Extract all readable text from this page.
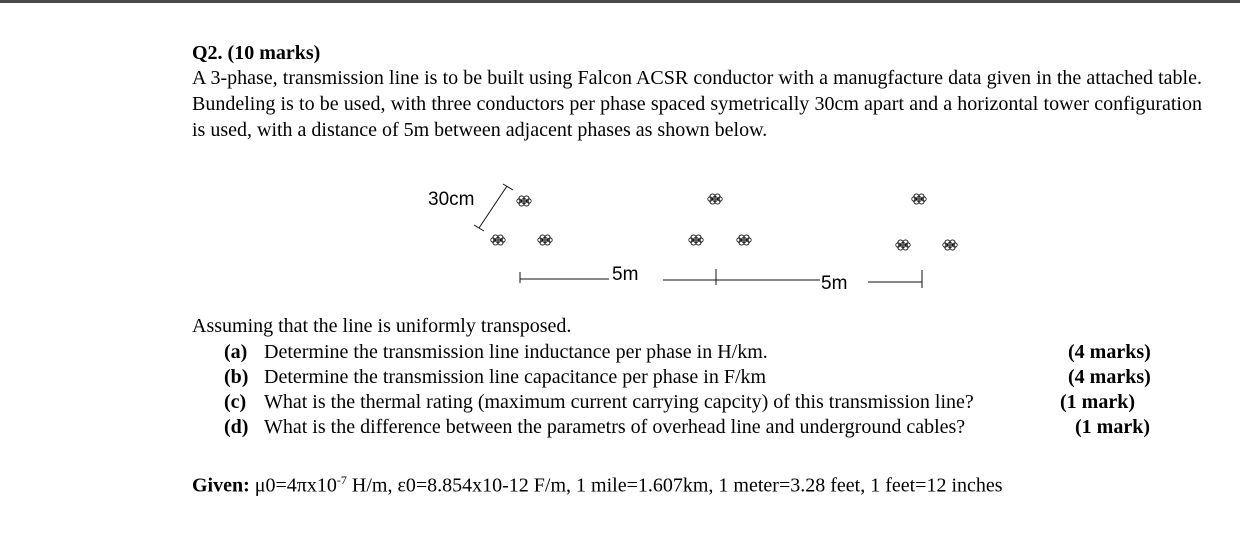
Q2. (10 marks)

A 3-phase, transmission line is to be built using Falcon ACSR conductor with a manugfacture data given in the attached table. Bundeling is to be used, with three conductors per phase spaced symetrically 30cm apart and a horizontal tower configuration is used, with a distance of 5m between adjacent phases as shown below.

30cm
5m	5m
Assuming that the line is uniformly transposed.
(a) Determine the transmission line inductance per phase in H/km.	(4 marks)
(b) Determine the transmission line capacitance per phase in F/km	(4 marks)
(c) What is the thermal rating (maximum current carrying capcity) of this transmission line?	(1 mark)
(d) What is the difference between the parametrs of overhead line and underground cables?	(1 mark)
Given: $\mu 0=4\pi x10^{-7}$ H/m, ε0=8.854x10-12 F/m, 1 mile=1.607km, 1 meter=3.28 feet, 1 feet=12 inches
